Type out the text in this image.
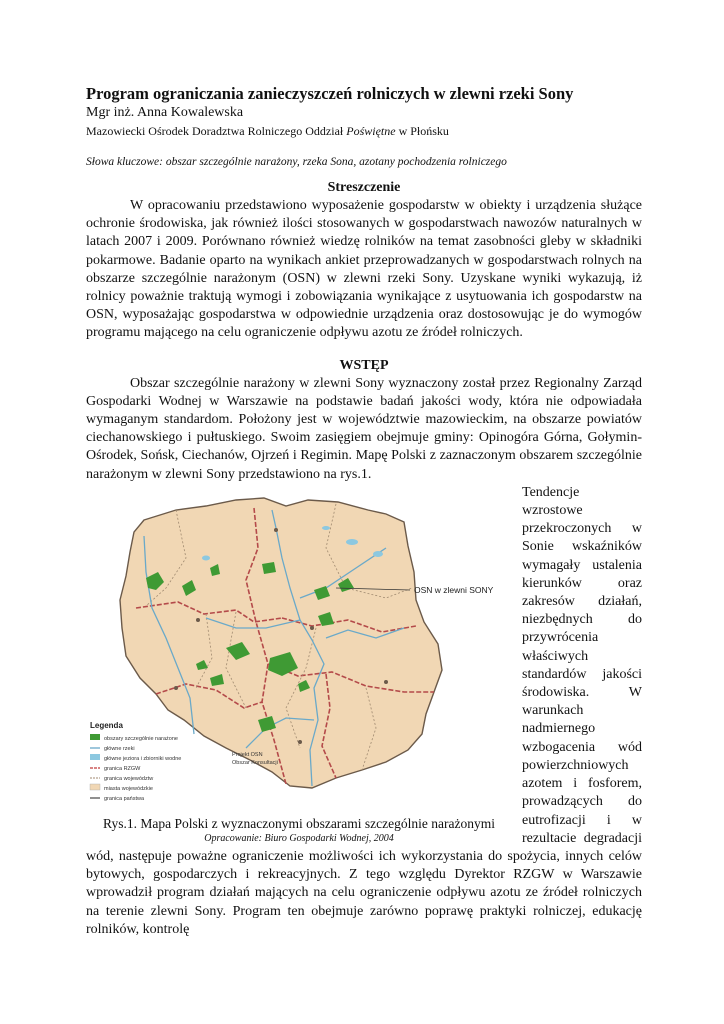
Program ograniczania zanieczyszczeń rolniczych w zlewni rzeki Sony

Mgr inż. Anna Kowalewska

Mazowiecki Ośrodek Doradztwa Rolniczego Oddział Poświętne w Płońsku

Słowa kluczowe: obszar szczególnie narażony, rzeka Sona, azotany pochodzenia rolniczego

Streszczenie

W opracowaniu przedstawiono wyposażenie gospodarstw w obiekty i urządzenia służące ochronie środowiska, jak również ilości stosowanych w gospodarstwach nawozów naturalnych w latach 2007 i 2009. Porównano również wiedzę rolników na temat zasobności gleby w składniki pokarmowe. Badanie oparto na wynikach ankiet przeprowadzanych w gospodarstwach rolnych na obszarze szczególnie narażonym (OSN) w zlewni rzeki Sony. Uzyskane wyniki wykazują, iż rolnicy poważnie traktują wymogi i zobowiązania wynikające z usytuowania ich gospodarstw na OSN, wyposażając gospodarstwa w odpowiednie urządzenia oraz dostosowując je do wymogów programu mającego na celu ograniczenie odpływu azotu ze źródeł rolniczych.

WSTĘP

Obszar szczególnie narażony w zlewni Sony wyznaczony został przez Regionalny Zarząd Gospodarki Wodnej w Warszawie na podstawie badań jakości wody, która nie odpowiadała wymaganym standardom. Położony jest w województwie mazowieckim, na obszarze powiatów ciechanowskiego i pułtuskiego. Swoim zasięgiem obejmuje gminy: Opinogóra Górna, Gołymin-Ośrodek, Sońsk, Ciechanów, Ojrzeń i Regimin. Mapę Polski z zaznaczonym obszarem szczególnie narażonym w zlewni Sony przedstawiono na rys.1.

OSN w zlewni SONY
Projekt OSN
Obszar Konsultacji
Legenda
obszary szczególnie narażone
główne rzeki
główne jeziora i zbiorniki wodne
granica RZGW
granica województw
miasta wojewódzkie
granica państwa

Rys.1. Mapa Polski z wyznaczonymi obszarami szczególnie narażonymi

Opracowanie: Biuro Gospodarki Wodnej, 2004

Tendencje wzrostowe przekroczonych w Sonie wskaźników wymagały ustalenia kierunków oraz zakresów działań, niezbędnych do przywrócenia właściwych standardów jakości środowiska. W warunkach nadmiernego wzbogacenia wód powierzchniowych azotem i fosforem, prowadzących do eutrofizacji i w rezultacie degradacji wód, następuje poważne ograniczenie możliwości ich wykorzystania do spożycia, innych celów bytowych, gospodarczych i rekreacyjnych. Z tego względu Dyrektor RZGW w Warszawie wprowadził program działań mających na celu ograniczenie odpływu azotu ze źródeł rolniczych na terenie zlewni Sony. Program ten obejmuje zarówno poprawę praktyki rolniczej, edukację rolników, kontrolę
